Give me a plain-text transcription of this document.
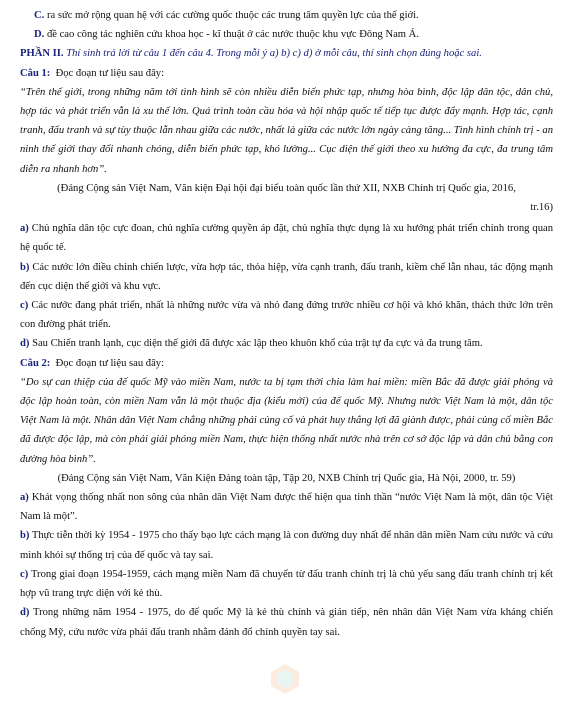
C. ra sức mở rộng quan hệ với các cường quốc thuộc các trung tâm quyền lực của thế giới.

D. đề cao công tác nghiên cứu khoa học - kĩ thuật ở các nước thuộc khu vực Đông Nam Á.

PHẦN II. Thí sinh trả lời từ câu 1 đến câu 4. Trong mỗi ý a) b) c) d) ở mỗi câu, thí sinh chọn đúng hoặc sai.

Câu 1: Đọc đoạn tư liệu sau đây:

“Trên thế giới, trong những năm tới tình hình sẽ còn nhiều diễn biến phức tạp, nhưng hòa bình, độc lập dân tộc, dân chủ, hợp tác và phát triển vẫn là xu thế lớn. Quá trình toàn cầu hóa và hội nhập quốc tế tiếp tục được đẩy mạnh. Hợp tác, cạnh tranh, đấu tranh và sự tùy thuộc lẫn nhau giữa các nước, nhất là giữa các nước lớn ngày càng tăng... Tình hình chính trị - an ninh thế giới thay đổi nhanh chóng, diễn biến phức tạp, khó lường... Cục diện thế giới theo xu hướng đa cực, đa trung tâm diễn ra nhanh hơn”.

(Đảng Cộng sản Việt Nam, Văn kiện Đại hội đại biểu toàn quốc lần thứ XII, NXB Chính trị Quốc gia, 2016,

tr.16)

a) Chủ nghĩa dân tộc cực đoan, chủ nghĩa cường quyền áp đặt, chủ nghĩa thực dụng là xu hướng phát triển chính trong quan hệ quốc tế.

b) Các nước lớn điều chỉnh chiến lược, vừa hợp tác, thỏa hiệp, vừa cạnh tranh, đấu tranh, kiềm chế lẫn nhau, tác động mạnh đến cục diện thế giới và khu vực.

c) Các nước đang phát triển, nhất là những nước vừa và nhỏ đang đứng trước nhiều cơ hội và khó khăn, thách thức lớn trên con đường phát triển.

d) Sau Chiến tranh lạnh, cục diện thế giới đã được xác lập theo khuôn khổ của trật tự đa cực và đa trung tâm.

Câu 2: Đọc đoạn tư liệu sau đây:

“Do sự can thiệp của đế quốc Mỹ vào miền Nam, nước ta bị tạm thời chia làm hai miền: miền Bắc đã được giải phóng và độc lập hoàn toàn, còn miền Nam vẫn là một thuộc địa (kiểu mới) của đế quốc Mỹ. Nhưng nước Việt Nam là một, dân tộc Việt Nam là một. Nhân dân Việt Nam chẳng những phải củng cố và phát huy thắng lợi đã giành được, phải củng cố miền Bắc đã được độc lập, mà còn phải giải phóng miền Nam, thực hiện thống nhất nước nhà trên cơ sở độc lập và dân chủ bằng con đường hòa bình”.

(Đảng Cộng sản Việt Nam, Văn Kiện Đảng toàn tập, Tập 20, NXB Chính trị Quốc gia, Hà Nội, 2000, tr. 59)

a) Khát vọng thống nhất non sông của nhân dân Việt Nam được thể hiện qua tinh thần “nước Việt Nam là một, dân tộc Việt Nam là một”.

b) Thực tiễn thời kỳ 1954 - 1975 cho thấy bạo lực cách mạng là con đường duy nhất để nhân dân miền Nam cứu nước và cứu mình khỏi sự thống trị của đế quốc và tay sai.

c) Trong giai đoạn 1954-1959, cách mạng miền Nam đã chuyển từ đấu tranh chính trị là chủ yếu sang đấu tranh chính trị kết hợp vũ trang trực diện với kẻ thù.

d) Trong những năm 1954 - 1975, do đế quốc Mỹ là kẻ thù chính và gián tiếp, nên nhân dân Việt Nam vừa kháng chiến chống Mỹ, cứu nước vừa phải đấu tranh nhằm đánh đổ chính quyền tay sai.
